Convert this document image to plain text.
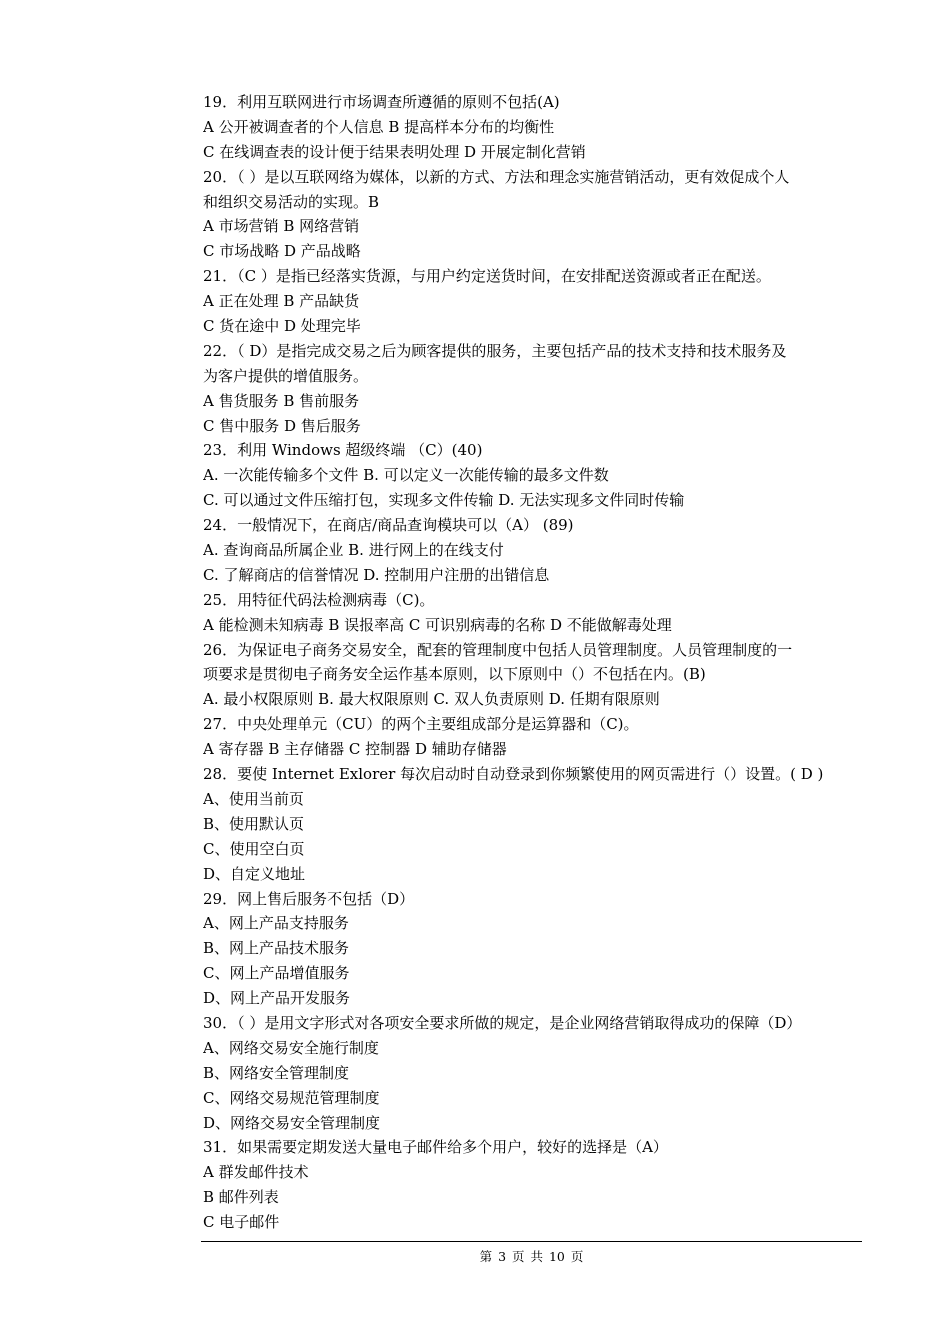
19．利用互联网进行市场调查所遵循的原则不包括(A)
A 公开被调查者的个人信息 B 提高样本分布的均衡性
C 在线调查表的设计便于结果表明处理 D 开展定制化营销
20．（ ）是以互联网络为媒体，以新的方式、方法和理念实施营销活动，更有效促成个人
和组织交易活动的实现。B
A 市场营销 B 网络营销
C 市场战略 D 产品战略
21．（C ）是指已经落实货源，与用户约定送货时间，在安排配送资源或者正在配送。
A 正在处理 B 产品缺货
C 货在途中 D 处理完毕
22．（ D）是指完成交易之后为顾客提供的服务，主要包括产品的技术支持和技术服务及
为客户提供的增值服务。
A 售货服务 B 售前服务
C 售中服务 D 售后服务
23．利用 Windows 超级终端 （C）(40)
A. 一次能传输多个文件 B. 可以定义一次能传输的最多文件数
C. 可以通过文件压缩打包，实现多文件传输 D. 无法实现多文件同时传输
24．一般情况下，在商店/商品查询模块可以（A） (89)
A. 查询商品所属企业 B. 进行网上的在线支付
C. 了解商店的信誉情况 D. 控制用户注册的出错信息
25．用特征代码法检测病毒（C)。
A 能检测未知病毒 B 误报率高 C 可识别病毒的名称 D 不能做解毒处理
26．为保证电子商务交易安全，配套的管理制度中包括人员管理制度。人员管理制度的一
项要求是贯彻电子商务安全运作基本原则，以下原则中（）不包括在内。(B)
A. 最小权限原则 B. 最大权限原则 C. 双人负责原则 D. 任期有限原则
27．中央处理单元（CU）的两个主要组成部分是运算器和（C)。
A 寄存器 B 主存储器 C 控制器 D 辅助存储器
28．要使 Internet Exlorer 每次启动时自动登录到你频繁使用的网页需进行（）设置。( D )
A、使用当前页
B、使用默认页
C、使用空白页
D、自定义地址
29．网上售后服务不包括（D）
A、网上产品支持服务
B、网上产品技术服务
C、网上产品增值服务
D、网上产品开发服务
30．（ ）是用文字形式对各项安全要求所做的规定，是企业网络营销取得成功的保障（D）
A、网络交易安全施行制度
B、网络安全管理制度
C、网络交易规范管理制度
D、网络交易安全管理制度
31．如果需要定期发送大量电子邮件给多个用户，较好的选择是（A）
A 群发邮件技术
B 邮件列表
C 电子邮件
第 3 页 共 10 页
